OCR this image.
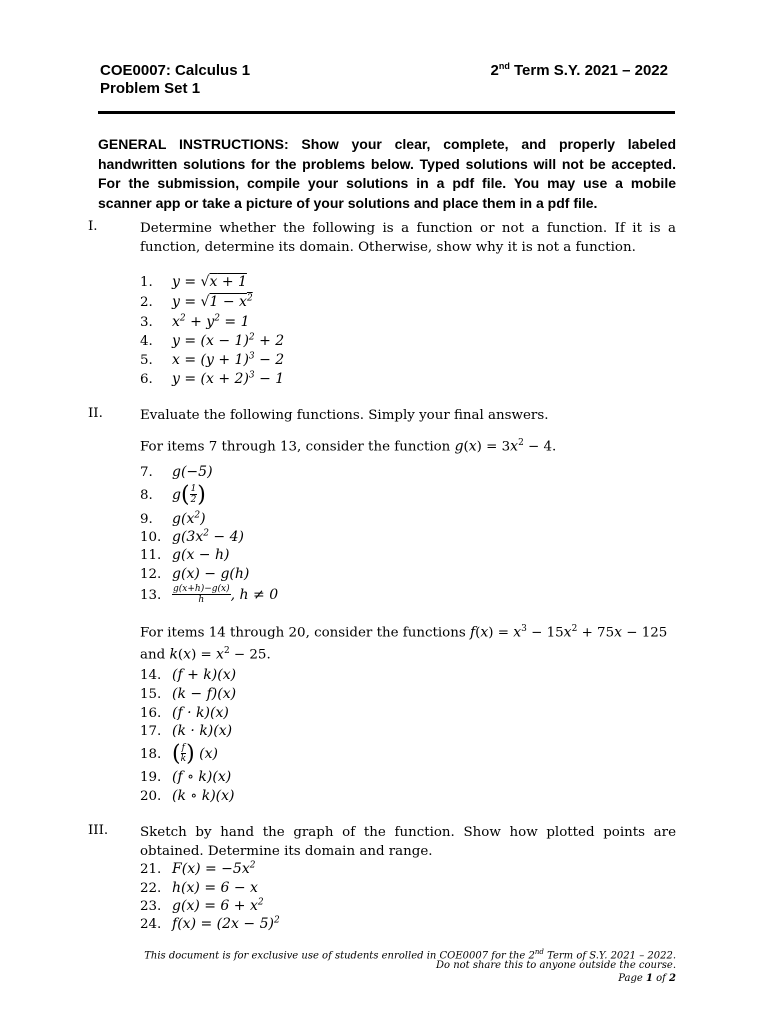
COE0007: Calculus 1
Problem Set 1
2nd Term S.Y. 2021 – 2022
GENERAL INSTRUCTIONS: Show your clear, complete, and properly labeled handwritten solutions for the problems below. Typed solutions will not be accepted. For the submission, compile your solutions in a pdf file. You may use a mobile scanner app or take a picture of your solutions and place them in a pdf file.
I.	Determine whether the following is a function or not a function. If it is a function, determine its domain. Otherwise, show why it is not a function.
1. y = √x + 1
2. $y = √1 - x^2$
3. $x^2 + y^2 = 1$
4. $y = (x - 1)^2 + 2$
5. $x = (y + 1)^3 - 2$
6. $y = (x + 2)^3 - 1$
II.	Evaluate the following functions. Simply your final answers.
For items 7 through 13, consider the function $g(x) = 3x^2 - 4$.
7. g(−5)
8. $g( \frac{1}{2}$ )
9. $g(x^2)$
10. $g(3x^2 - 4)$
11. g(x − h)
12. g(x) − g(h)
13. $\frac{g(x+h)-g(x)}{h}$ , h ≠ 0
For items 14 through 20, consider the functions $f(x) = x^3 - 15x^2 + 75x - 125$
and $k(x) = x^2 - 25$.
14. (f + k)(x)
15. (k − f)(x)
16. (f · k)(x)
17. (k · k)(x)
18. ( $\frac{f}{k}$ ) (x)
19. (f ∘ k)(x)
20. (k ∘ k)(x)
III. Sketch by hand the graph of the function. Show how plotted points are obtained. Determine its domain and range.
21. $F(x) = -5x^2$
22. h(x) = 6 − x
23. $g(x) = 6 + x^2$
24. $f(x) = (2x - 5)^2$
This document is for exclusive use of students enrolled in COE0007 for the 2nd Term of S.Y. 2021 – 2022.
Do not share this to anyone outside the course.
Page 1 of 2
